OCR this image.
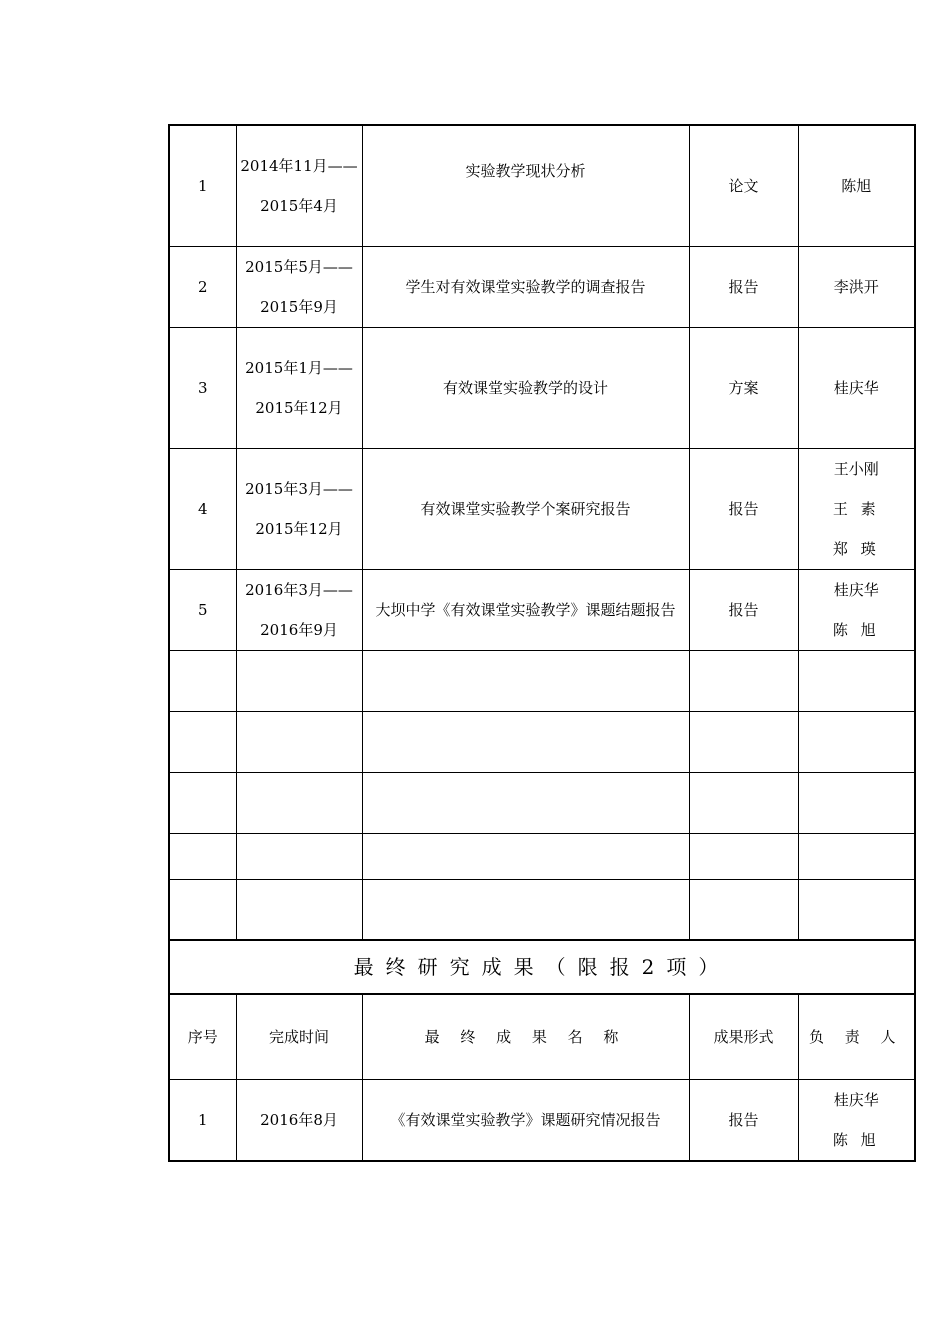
1	2014年11月——2015年4月	实验教学现状分析	论文	陈旭

2	2015年5月——2015年9月	学生对有效课堂实验教学的调查报告	报告	李洪开

3	2015年1月——2015年12月	有效课堂实验教学的设计	方案	桂庆华

4	2015年3月——2015年12月	有效课堂实验教学个案研究报告	报告	王小刚
王 素
郑 瑛

5	2016年3月——2016年9月	大坝中学《有效课堂实验教学》课题结题报告	报告	桂庆华
陈 旭

最终研究成果（限报2项）				
序号	完成时间	最 终 成 果 名 称	成果形式	负 责 人
1	2016年8月	《有效课堂实验教学》课题研究情况报告	报告	桂庆华
陈 旭
